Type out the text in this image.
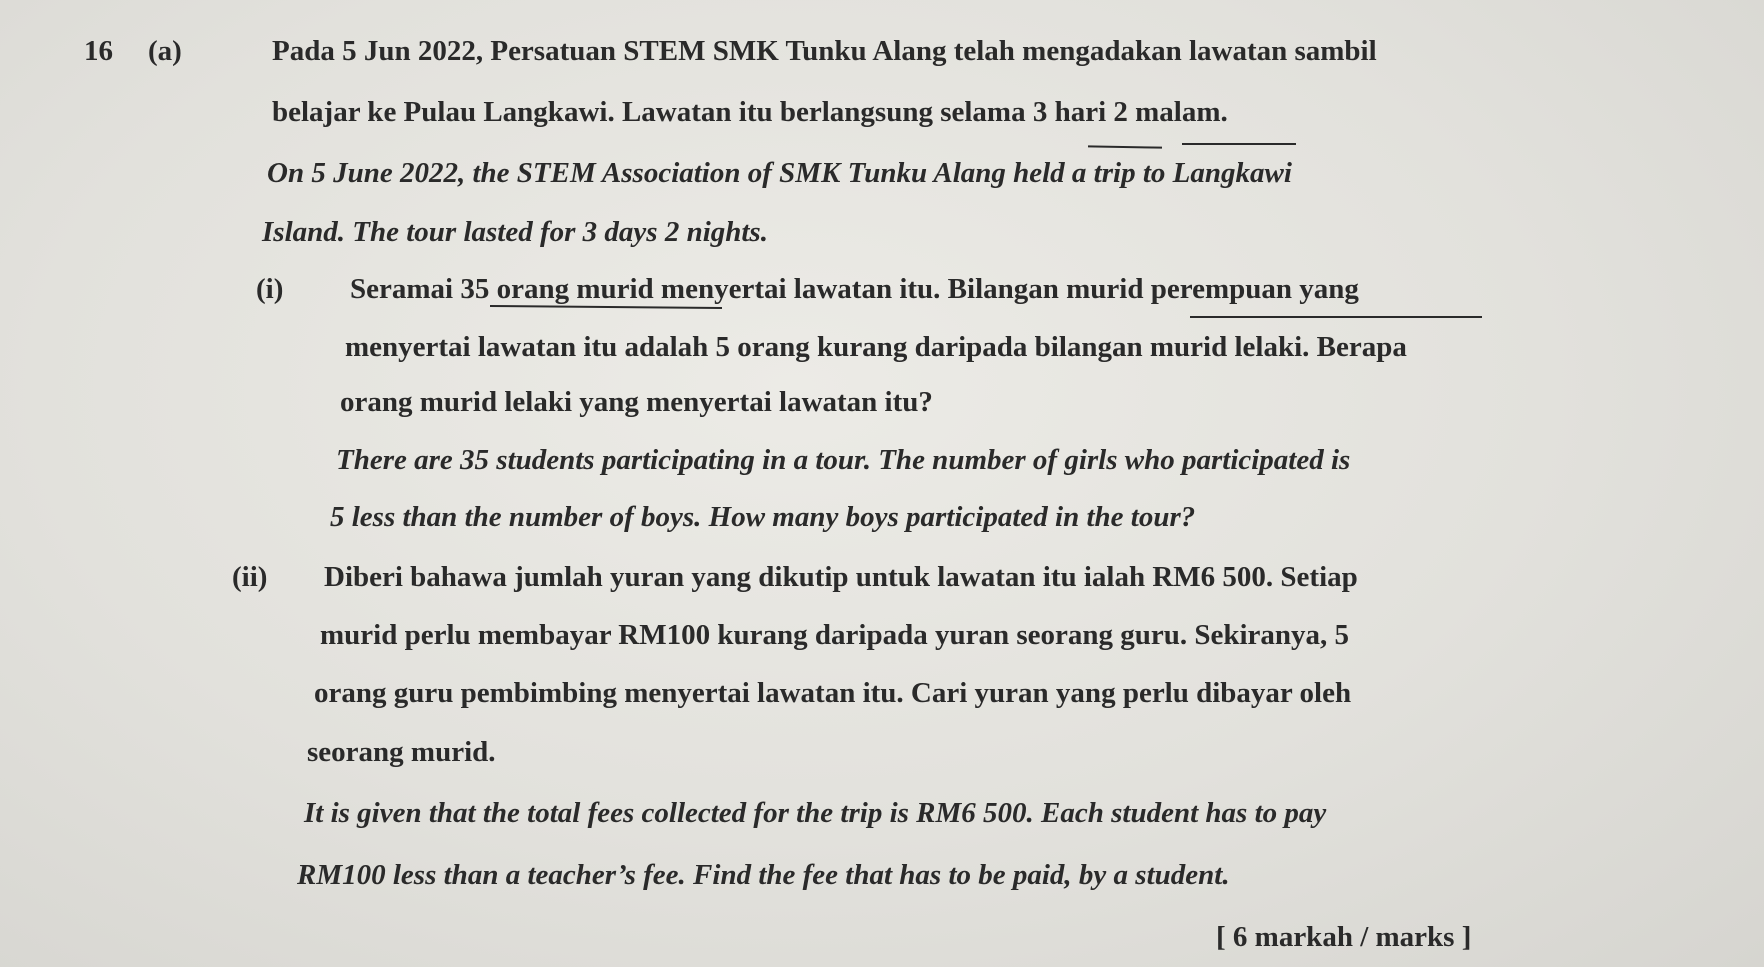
16 (a)	Pada 5 Jun 2022, Persatuan STEM SMK Tunku Alang telah mengadakan lawatan sambil
belajar ke Pulau Langkawi. Lawatan itu berlangsung selama 3 hari 2 malam.
On 5 June 2022, the STEM Association of SMK Tunku Alang held a trip to Langkawi
Island. The tour lasted for 3 days 2 nights.
(i) Seramai 35 orang murid menyertai lawatan itu. Bilangan murid perempuan yang
menyertai lawatan itu adalah 5 orang kurang daripada bilangan murid lelaki. Berapa
orang murid lelaki yang menyertai lawatan itu?
There are 35 students participating in a tour. The number of girls who participated is
5 less than the number of boys. How many boys participated in the tour?
(ii) Diberi bahawa jumlah yuran yang dikutip untuk lawatan itu ialah RM6 500. Setiap
murid perlu membayar RM100 kurang daripada yuran seorang guru. Sekiranya, 5
orang guru pembimbing menyertai lawatan itu. Cari yuran yang perlu dibayar oleh
seorang murid.
It is given that the total fees collected for the trip is RM6 500. Each student has to pay
RM100 less than a teacher’s fee. Find the fee that has to be paid, by a student.
[ 6 markah / marks ]
